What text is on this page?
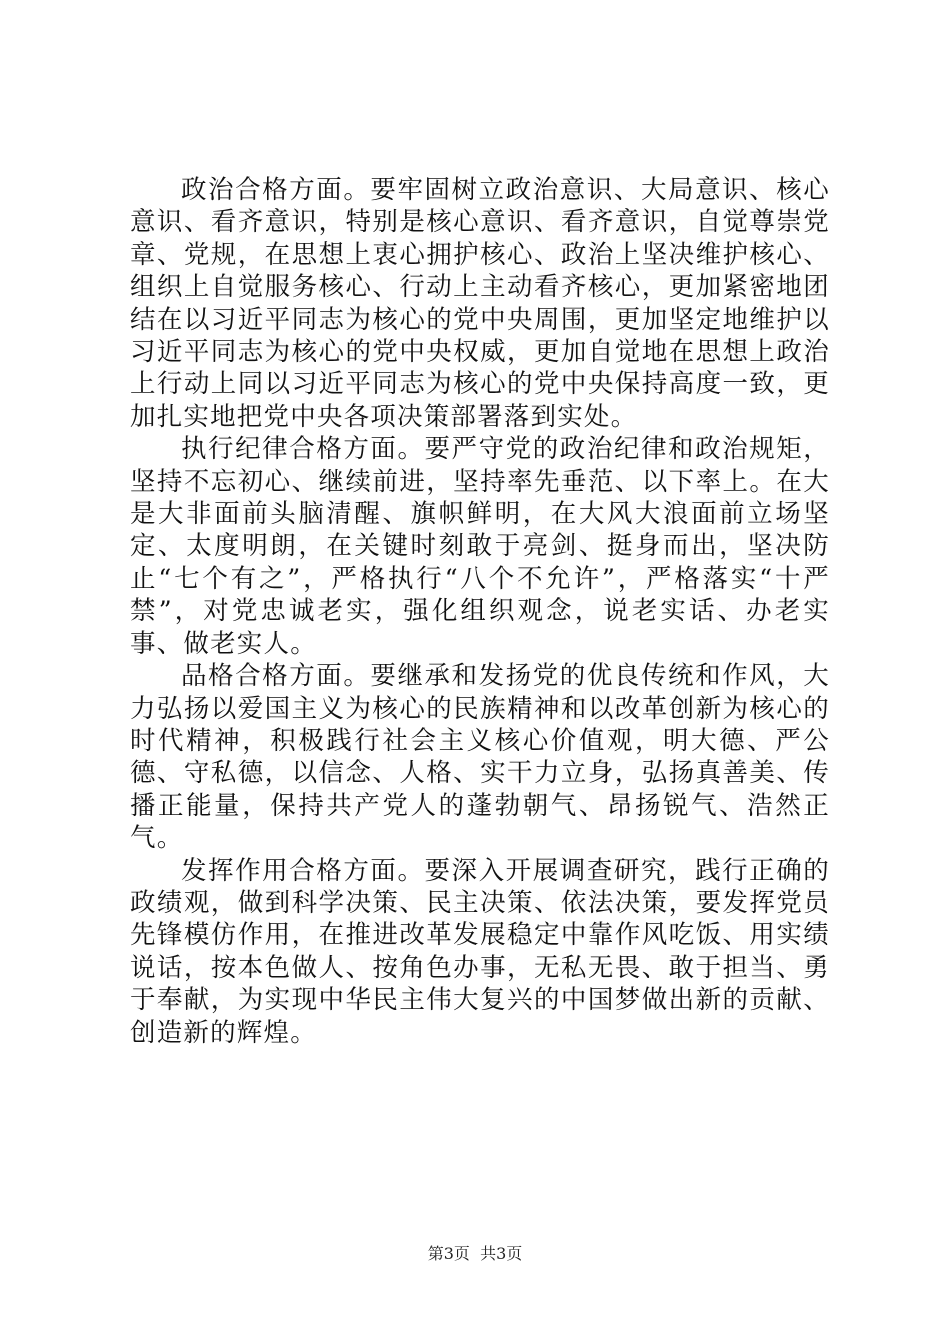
政治合格方面。要牢固树立政治意识、大局意识、核心意识、看齐意识，特别是核心意识、看齐意识，自觉尊崇党章、党规，在思想上衷心拥护核心、政治上坚决维护核心、组织上自觉服务核心、行动上主动看齐核心，更加紧密地团结在以习近平同志为核心的党中央周围，更加坚定地维护以习近平同志为核心的党中央权威，更加自觉地在思想上政治上行动上同以习近平同志为核心的党中央保持高度一致，更加扎实地把党中央各项决策部署落到实处。

执行纪律合格方面。要严守党的政治纪律和政治规矩，坚持不忘初心、继续前进，坚持率先垂范、以下率上。在大是大非面前头脑清醒、旗帜鲜明，在大风大浪面前立场坚定、太度明朗，在关键时刻敢于亮剑、挺身而出，坚决防止“七个有之”，严格执行“八个不允许”，严格落实“十严禁”，对党忠诚老实，强化组织观念，说老实话、办老实事、做老实人。

品格合格方面。要继承和发扬党的优良传统和作风，大力弘扬以爱国主义为核心的民族精神和以改革创新为核心的时代精神，积极践行社会主义核心价值观，明大德、严公德、守私德，以信念、人格、实干力立身，弘扬真善美、传播正能量，保持共产党人的蓬勃朝气、昂扬锐气、浩然正气。

发挥作用合格方面。要深入开展调查研究，践行正确的政绩观，做到科学决策、民主决策、依法决策，要发挥党员先锋模仿作用，在推进改革发展稳定中靠作风吃饭、用实绩说话，按本色做人、按角色办事，无私无畏、敢于担当、勇于奉献，为实现中华民主伟大复兴的中国梦做出新的贡献、创造新的辉煌。

第3页  共3页
